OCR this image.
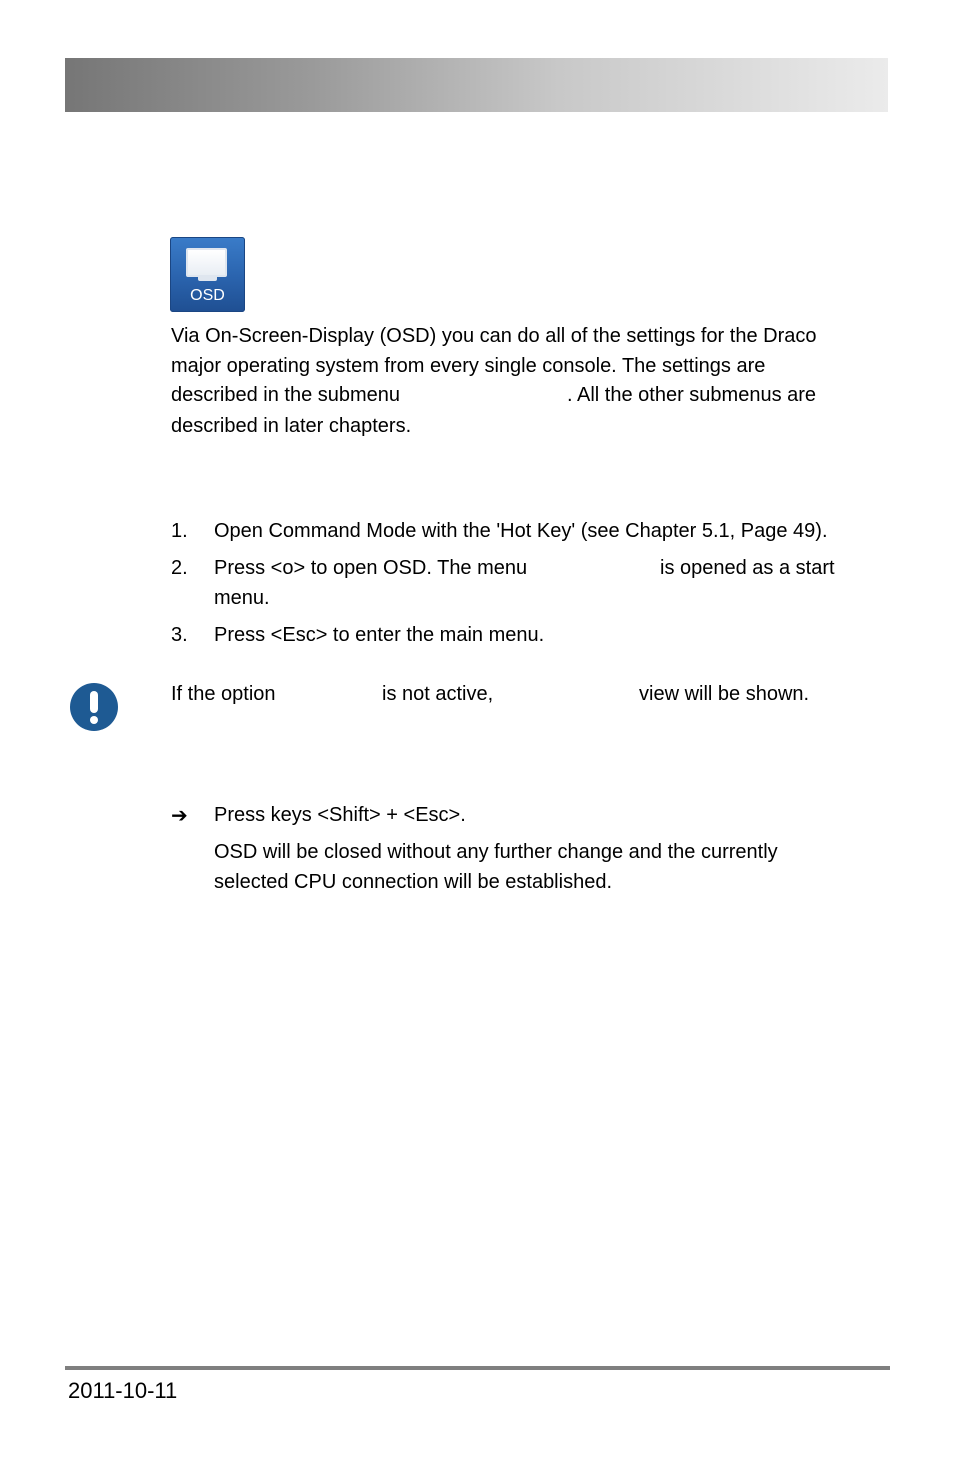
OSD
Via On-Screen-Display (OSD) you can do all of the settings for the Draco
major operating system from every single console. The settings are
described in the submenu	. All the other submenus are
described in later chapters.
1. Open Command Mode with the 'Hot Key' (see Chapter 5.1, Page 49).
2. Press <o> to open OSD. The menu	is opened as a start
menu.
3. Press <Esc> to enter the main menu.
If the option	is not active,	view will be shown.
➔ Press keys <Shift> + <Esc>.
OSD will be closed without any further change and the currently
selected CPU connection will be established.
2011-10-11
